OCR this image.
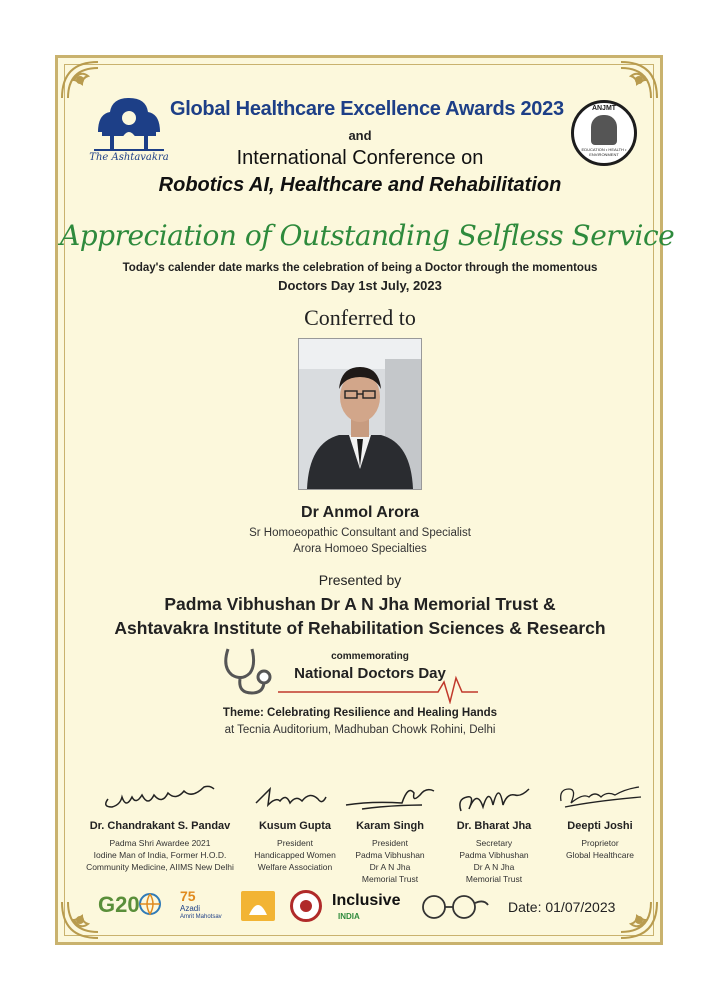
The Ashtavakra
ANJMT
EDUCATION • HEALTH • ENVIRONMENT
Global Healthcare Excellence Awards 2023
and
International Conference on
Robotics AI, Healthcare and Rehabilitation
Appreciation of Outstanding Selfless Service
Today's calender date marks the celebration of being a Doctor through the momentous
Doctors Day 1st July, 2023
Conferred to
Dr Anmol Arora
Sr Homoeopathic Consultant and Specialist
Arora Homoeo Specialties
Presented by
Padma Vibhushan Dr A N Jha Memorial Trust &
Ashtavakra Institute of Rehabilitation Sciences & Research
commemorating
National Doctors Day
Theme: Celebrating Resilience and Healing Hands
at Tecnia Auditorium, Madhuban Chowk Rohini, Delhi
Dr. Chandrakant S. Pandav
Padma Shri Awardee 2021
Iodine Man of India, Former H.O.D.
Community Medicine, AIIMS New Delhi
Kusum Gupta
President
Handicapped Women
Welfare Association
Karam Singh
President
Padma Vibhushan
Dr A N Jha
Memorial Trust
Dr. Bharat Jha
Secretary
Padma Vibhushan
Dr A N Jha
Memorial Trust
Deepti Joshi
Proprietor
Global Healthcare
G20	75
Azadi
Amrit Mahotsav
Inclusive
INDIA
Date: 01/07/2023
